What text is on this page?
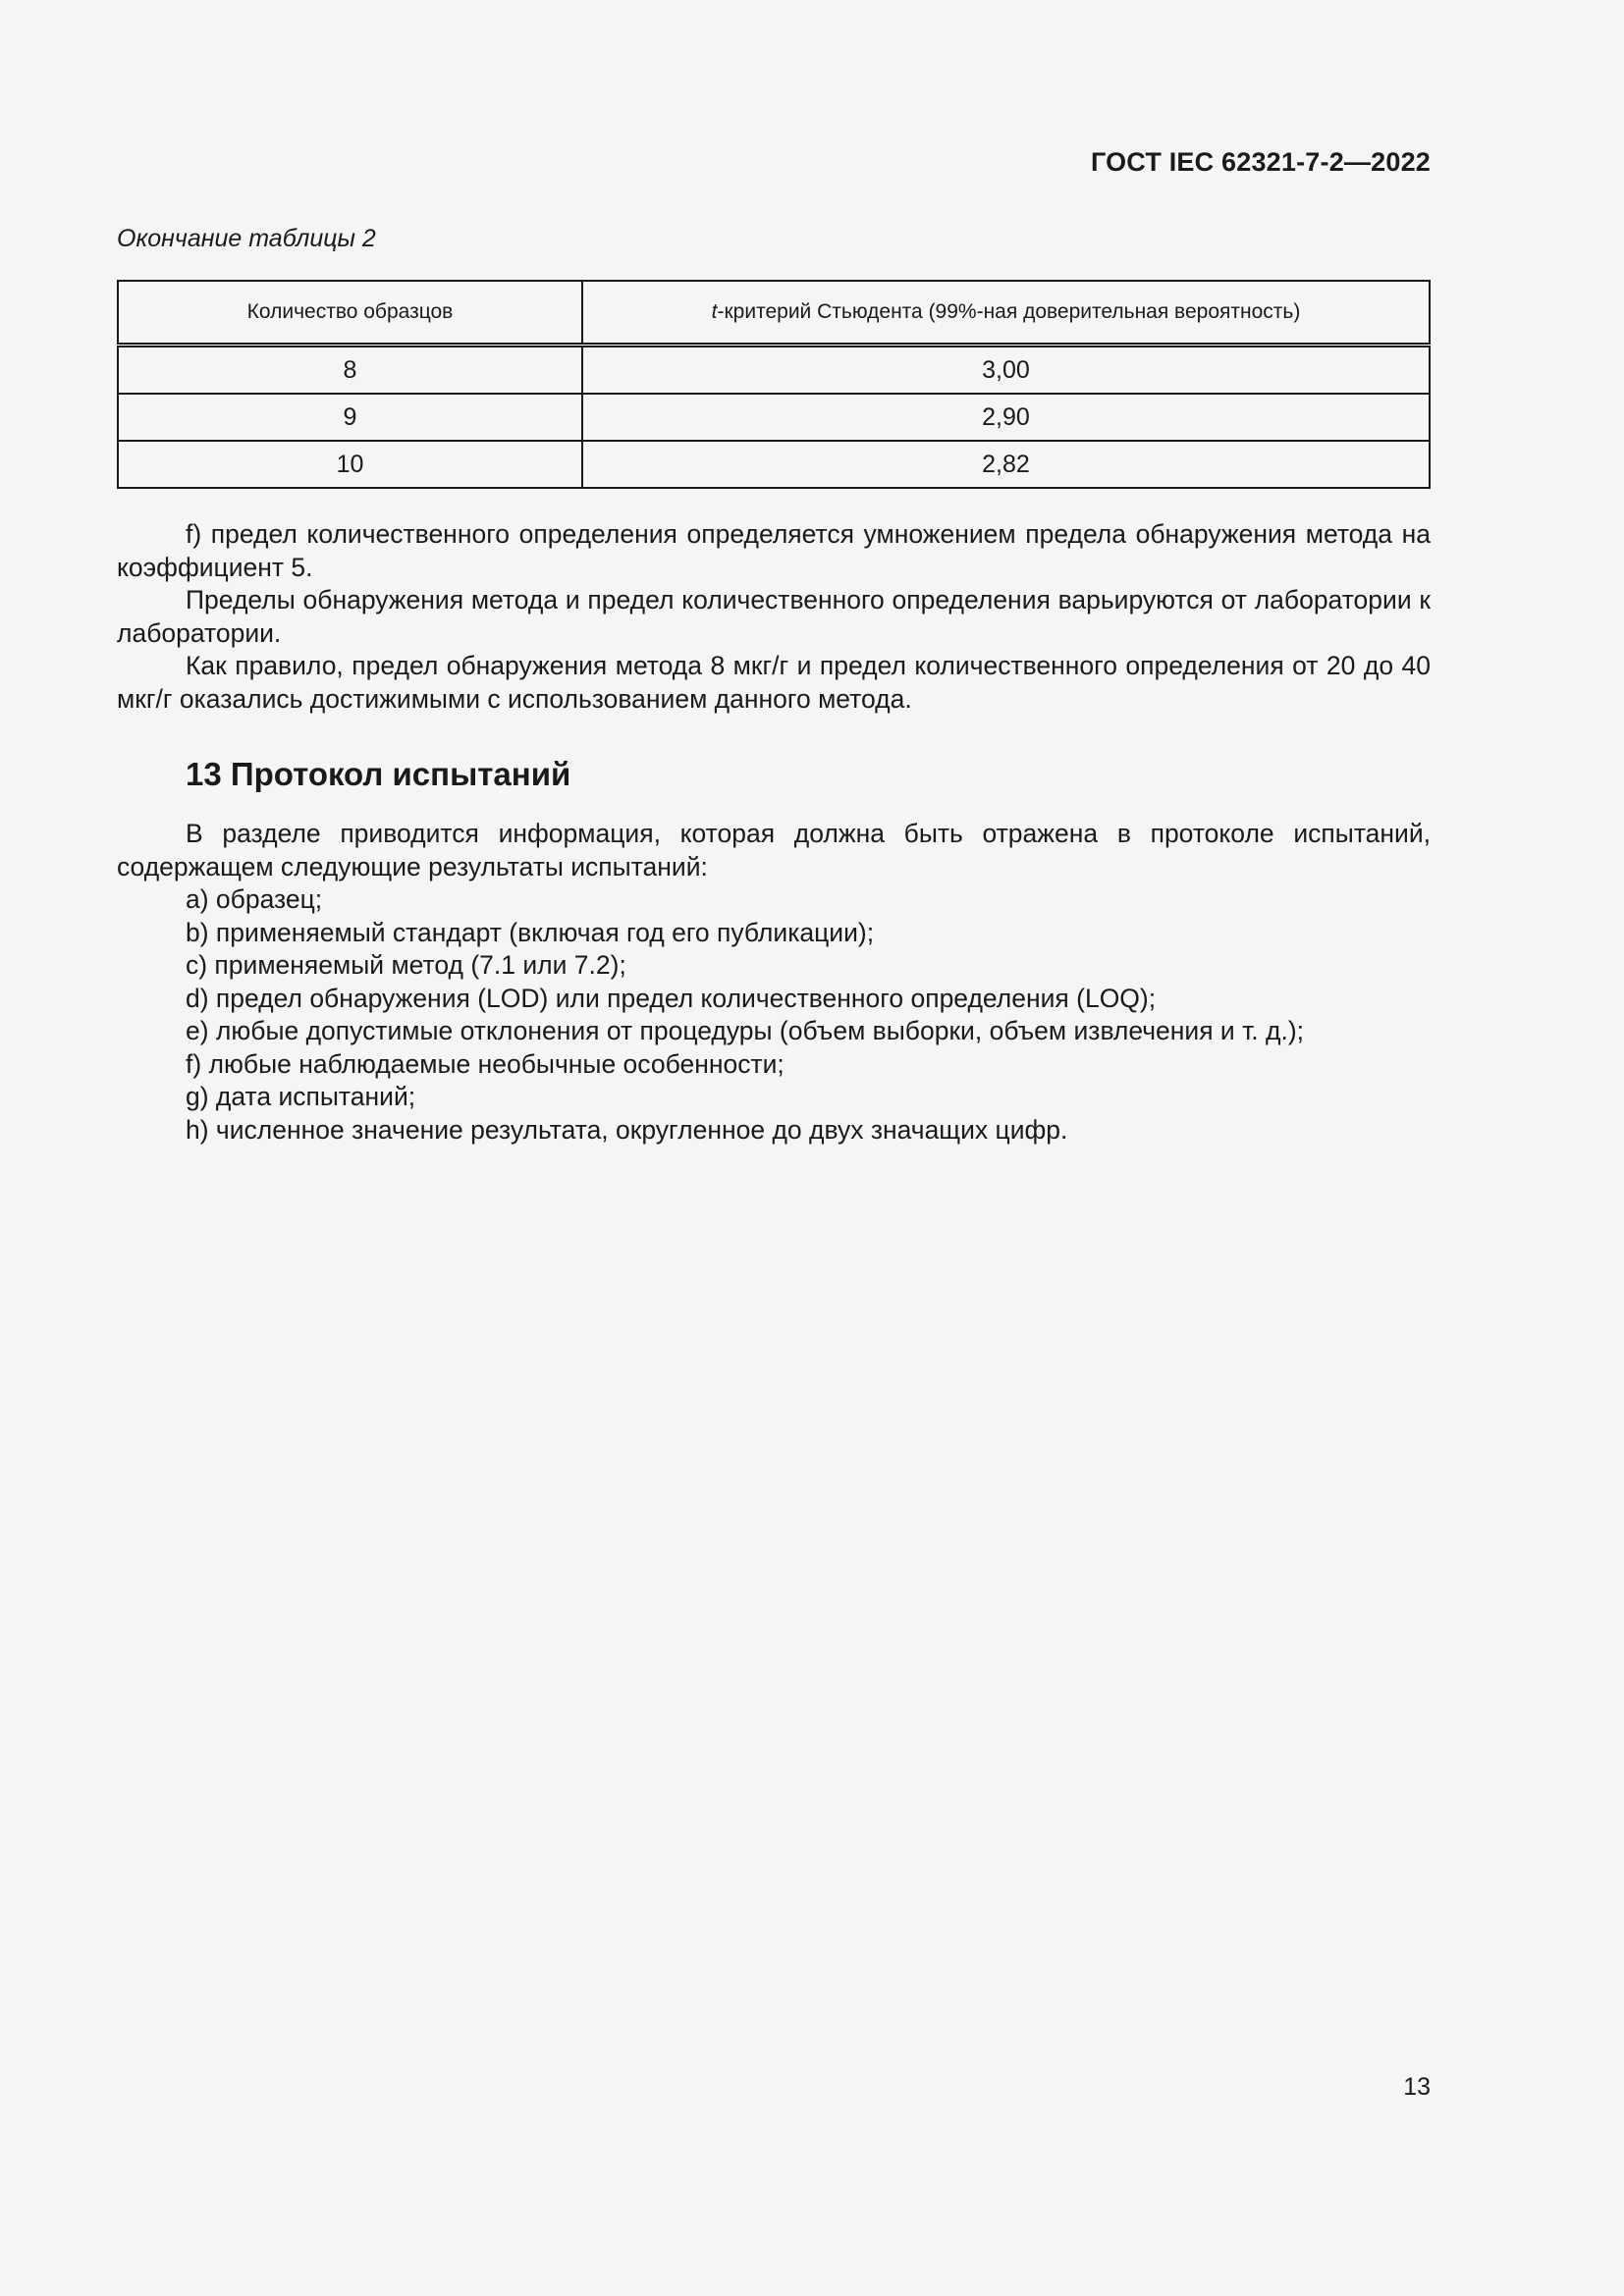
ГОСТ IEC 62321-7-2—2022
Окончание таблицы 2
Количество образцов	t-критерий Стьюдента (99%-ная доверительная вероятность)
8	3,00
9	2,90
10	2,82

f) предел количественного определения определяется умножением предела обнаружения метода на коэффициент 5.

Пределы обнаружения метода и предел количественного определения варьируются от лаборатории к лаборатории.

Как правило, предел обнаружения метода 8 мкг/г и предел количественного определения от 20 до 40 мкг/г оказались достижимыми с использованием данного метода.

13 Протокол испытаний

В разделе приводится информация, которая должна быть отражена в протоколе испытаний, содержащем следующие результаты испытаний:

a) образец;
b) применяемый стандарт (включая год его публикации);
c) применяемый метод (7.1 или 7.2);
d) предел обнаружения (LOD) или предел количественного определения (LOQ);
e) любые допустимые отклонения от процедуры (объем выборки, объем извлечения и т. д.);
f) любые наблюдаемые необычные особенности;
g) дата испытаний;
h) численное значение результата, округленное до двух значащих цифр.
13
